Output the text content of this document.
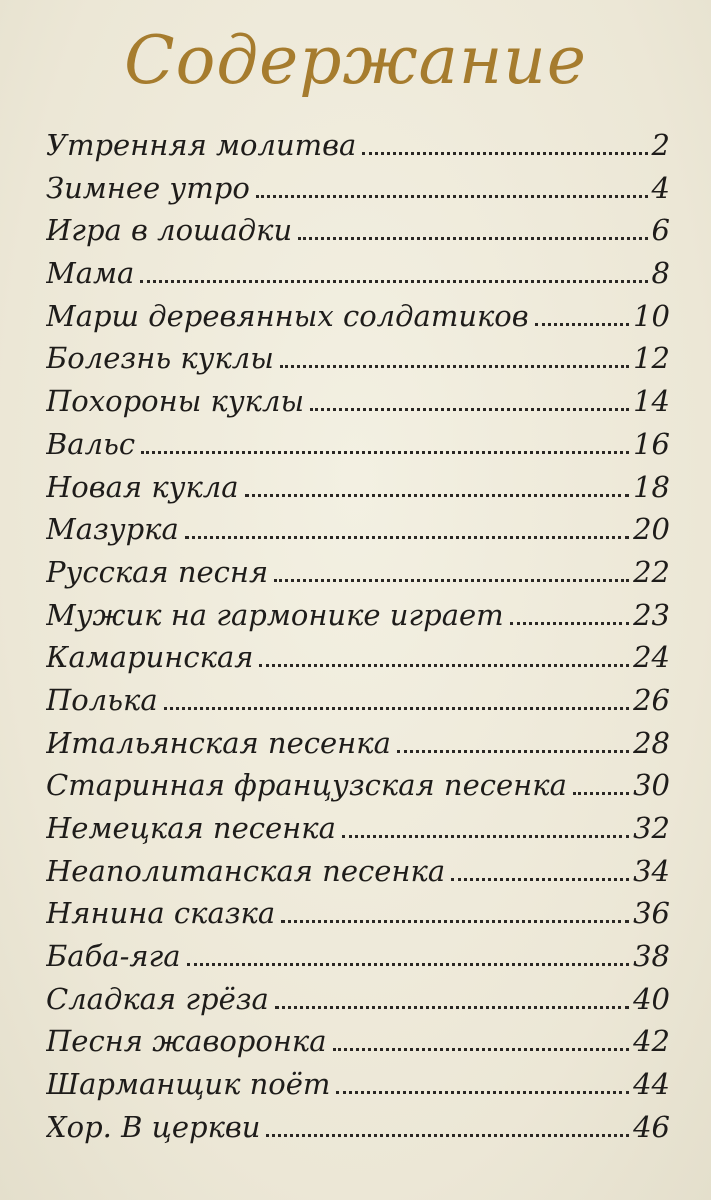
Содержание
Утренняя молитва	2
Зимнее утро	4
Игра в лошадки	6
Мама	8
Марш деревянных солдатиков	10
Болезнь куклы	12
Похороны куклы	14
Вальс	16
Новая кукла	18
Мазурка	20
Русская песня	22
Мужик на гармонике играет	23
Камаринская	24
Полька	26
Итальянская песенка	28
Старинная французская песенка 30
Немецкая песенка	32
Неаполитанская песенка	34
Нянина сказка	36
Баба-яга	38
Сладкая грёза	40
Песня жаворонка	42
Шарманщик поёт	44
Хор. В церкви	46
